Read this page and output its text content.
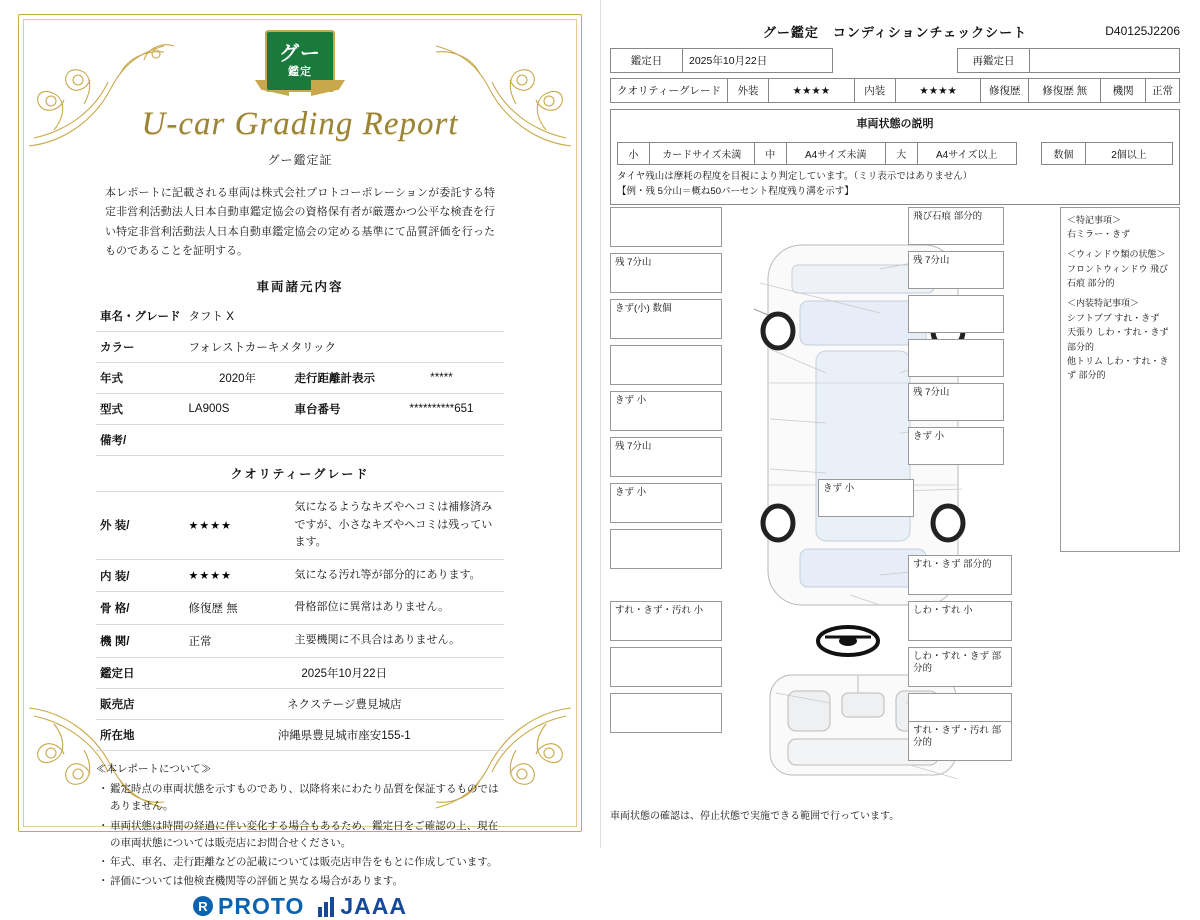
グー
鑑定
U-car Grading Report
グー鑑定証
本レポートに記載される車両は株式会社プロトコーポレーションが委託する特定非営利活動法人日本自動車鑑定協会の資格保有者が厳選かつ公平な検査を行い特定非営利活動法人日本自動車鑑定協会の定める基準にて品質評価を行ったものであることを証明する。
車両諸元内容
車名・グレード	タフト X		
カラー	フォレストカーキメタリック		
年式	2020年	走行距離計表示	*****
型式	LA900S	車台番号	**********651
備考/			
クオリティーグレード			
外 装/	★★★★	気になるようなキズやヘコミは補修済みですが、小さなキズやヘコミは残っています。	
内 装/	★★★★	気になる汚れ等が部分的にあります。	
骨 格/	修復歴 無	骨格部位に異常はありません。	
機 関/	正常	主要機関に不具合はありません。	
鑑定日	2025年10月22日		
販売店	ネクステージ豊見城店		
所在地	沖縄県豊見城市座安155-1		
≪本レポートについて≫
・ 鑑定時点の車両状態を示すものであり、以降将来にわたり品質を保証するものではありません。
・ 車両状態は時間の経過に伴い変化する場合もあるため、鑑定日をご確認の上、現在の車両状態については販売店にお問合せください。
・ 年式、車名、走行距離などの記載については販売店申告をもとに作成しています。
・ 評価については他検査機関等の評価と異なる場合があります。
R PROTO JAAA
グー鑑定　コンディションチェックシート	D40125J2206
鑑定日	2025年10月22日		再鑑定日	
クオリティーグレード	外装	★★★★	内装	★★★★	修復歴	修復歴 無	機関	正常
車両状態の説明
小	カードサイズ未満	中	A4サイズ未満	大	A4サイズ以上	数個	2個以上
タイヤ残山は摩耗の程度を目視により判定しています。（ミリ表示ではありません）
【例・残 5分山＝概ね50パーセント程度残り溝を示す】
残 7分山
きず(小) 数個
きず 小
残 7分山
きず 小
飛び石痕 部分的
残 7分山
残 7分山
きず 小
きず 小
＜特記事項＞
右ミラー・きず
＜ウィンドウ類の状態＞
フロントウィンドウ 飛び石痕 部分的
＜内装特記事項＞
シフトブブ すれ・きず
天張り しわ・すれ・きず 部分的
他トリム しわ・すれ・きず 部分的
すれ・きず 部分的
しわ・すれ 小
しわ・すれ・きず 部分的
すれ・きず・汚れ 部分的
すれ・きず・汚れ 小
車両状態の確認は、停止状態で実施できる範囲で行っています。
